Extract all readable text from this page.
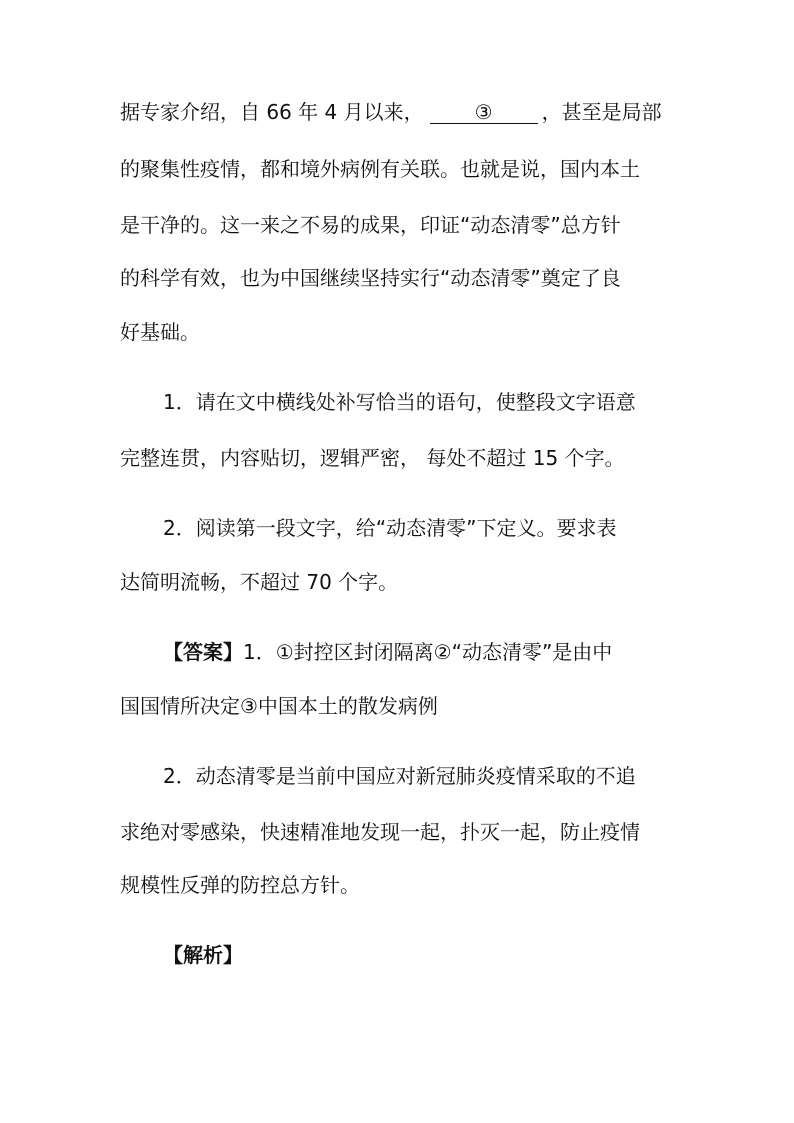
据专家介绍，自 66 年 4 月以来，	③ ，甚至是局部
的聚集性疫情，都和境外病例有关联。也就是说，国内本土
是干净的。这一来之不易的成果，印证“动态清零”总方针
的科学有效，也为中国继续坚持实行“动态清零”奠定了良
好基础。
1．请在文中横线处补写恰当的语句，使整段文字语意
完整连贯，内容贴切，逻辑严密， 每处不超过 15 个字。
2．阅读第一段文字，给“动态清零”下定义。要求表
达简明流畅，不超过 70 个字。
【答案】1．①封控区封闭隔离②“动态清零”是由中
国国情所决定③中国本土的散发病例
2．动态清零是当前中国应对新冠肺炎疫情采取的不追
求绝对零感染，快速精准地发现一起，扑灭一起，防止疫情
规模性反弹的防控总方针。
【解析】
